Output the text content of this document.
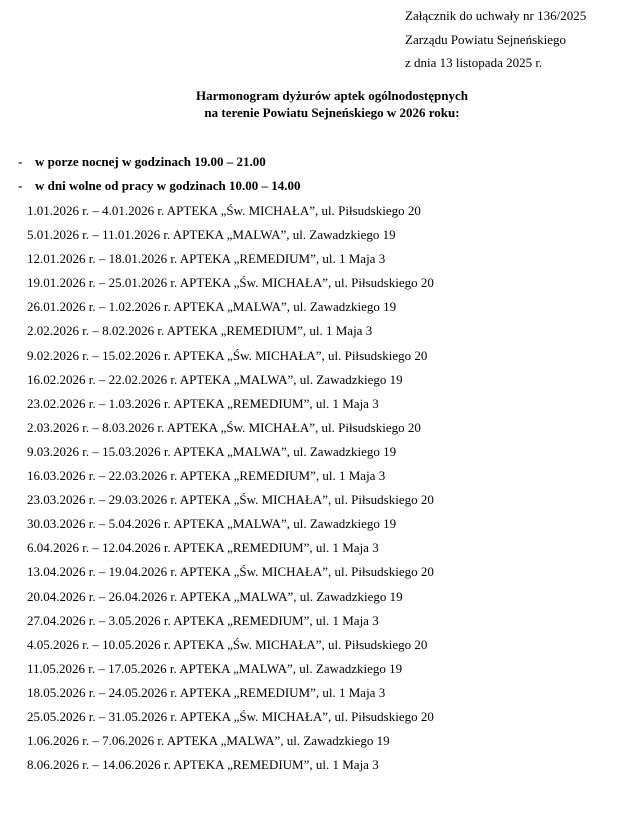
Załącznik do uchwały nr 136/2025
Zarządu Powiatu Sejneńskiego
z dnia 13 listopada 2025 r.
Harmonogram dyżurów aptek ogólnodostępnych
na terenie Powiatu Sejneńskiego w 2026 roku:
- w porze nocnej w godzinach 19.00 – 21.00
- w dni wolne od pracy w godzinach 10.00 – 14.00
1.01.2026 r. – 4.01.2026 r. APTEKA „Św. MICHAŁA”, ul. Piłsudskiego 20
5.01.2026 r. – 11.01.2026 r. APTEKA „MALWA”, ul. Zawadzkiego 19
12.01.2026 r. – 18.01.2026 r. APTEKA „REMEDIUM”, ul. 1 Maja 3
19.01.2026 r. – 25.01.2026 r. APTEKA „Św. MICHAŁA”, ul. Piłsudskiego 20
26.01.2026 r. – 1.02.2026 r. APTEKA „MALWA”, ul. Zawadzkiego 19
2.02.2026 r. – 8.02.2026 r. APTEKA „REMEDIUM”, ul. 1 Maja 3
9.02.2026 r. – 15.02.2026 r. APTEKA „Św. MICHAŁA”, ul. Piłsudskiego 20
16.02.2026 r. – 22.02.2026 r. APTEKA „MALWA”, ul. Zawadzkiego 19
23.02.2026 r. – 1.03.2026 r. APTEKA „REMEDIUM”, ul. 1 Maja 3
2.03.2026 r. – 8.03.2026 r. APTEKA „Św. MICHAŁA”, ul. Piłsudskiego 20
9.03.2026 r. – 15.03.2026 r. APTEKA „MALWA”, ul. Zawadzkiego 19
16.03.2026 r. – 22.03.2026 r. APTEKA „REMEDIUM”, ul. 1 Maja 3
23.03.2026 r. – 29.03.2026 r. APTEKA „Św. MICHAŁA”, ul. Piłsudskiego 20
30.03.2026 r. – 5.04.2026 r. APTEKA „MALWA”, ul. Zawadzkiego 19
6.04.2026 r. – 12.04.2026 r. APTEKA „REMEDIUM”, ul. 1 Maja 3
13.04.2026 r. – 19.04.2026 r. APTEKA „Św. MICHAŁA”, ul. Piłsudskiego 20
20.04.2026 r. – 26.04.2026 r. APTEKA „MALWA”, ul. Zawadzkiego 19
27.04.2026 r. – 3.05.2026 r. APTEKA „REMEDIUM”, ul. 1 Maja 3
4.05.2026 r. – 10.05.2026 r. APTEKA „Św. MICHAŁA”, ul. Piłsudskiego 20
11.05.2026 r. – 17.05.2026 r. APTEKA „MALWA”, ul. Zawadzkiego 19
18.05.2026 r. – 24.05.2026 r. APTEKA „REMEDIUM”, ul. 1 Maja 3
25.05.2026 r. – 31.05.2026 r. APTEKA „Św. MICHAŁA”, ul. Piłsudskiego 20
1.06.2026 r. – 7.06.2026 r. APTEKA „MALWA”, ul. Zawadzkiego 19
8.06.2026 r. – 14.06.2026 r. APTEKA „REMEDIUM”, ul. 1 Maja 3
